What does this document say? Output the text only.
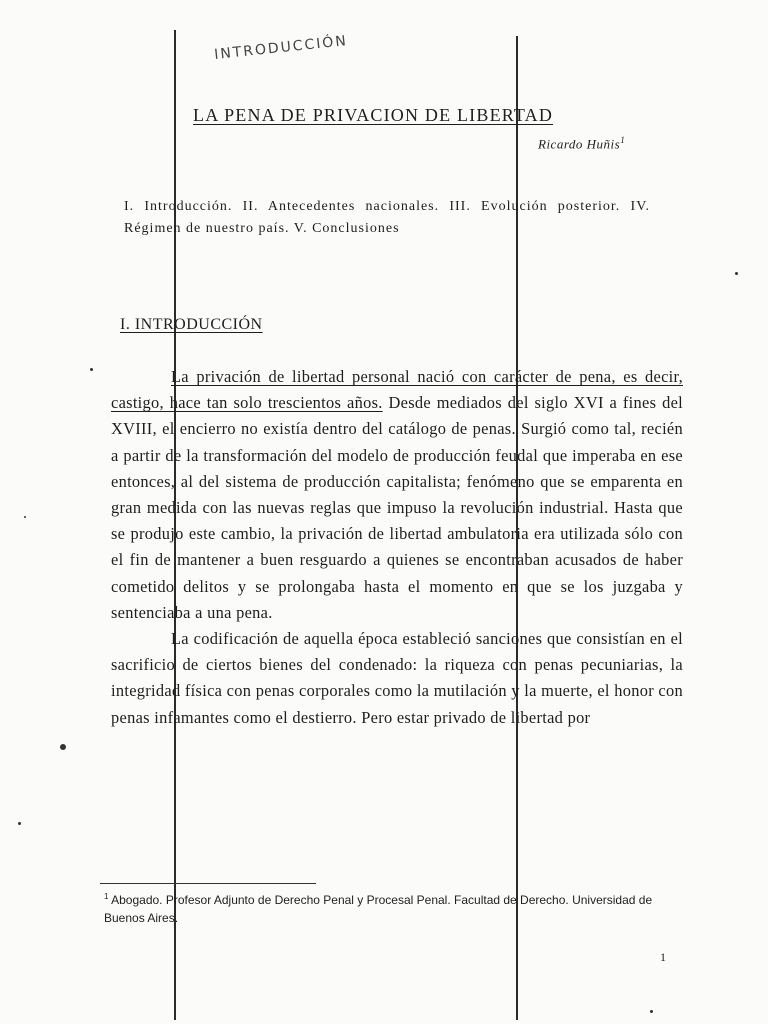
INTRODUCCIÓN
LA PENA DE PRIVACION DE LIBERTAD
Ricardo Huñis$^1$

I. Introducción. II. Antecedentes nacionales. III. Evolución posterior. IV. Régimen de nuestro país. V. Conclusiones

I. INTRODUCCIÓN

La privación de libertad personal nació con carácter de pena, es decir, castigo, hace tan solo trescientos años. Desde mediados del siglo XVI a fines del XVIII, el encierro no existía dentro del catálogo de penas. Surgió como tal, recién a partir de la transformación del modelo de producción feudal que imperaba en ese entonces, al del sistema de producción capitalista; fenómeno que se emparenta en gran medida con las nuevas reglas que impuso la revolución industrial. Hasta que se produjo este cambio, la privación de libertad ambulatoria era utilizada sólo con el fin de mantener a buen resguardo a quienes se encontraban acusados de haber cometido delitos y se prolongaba hasta el momento en que se los juzgaba y sentenciaba a una pena.

La codificación de aquella época estableció sanciones que consistían en el sacrificio de ciertos bienes del condenado: la riqueza con penas pecuniarias, la integridad física con penas corporales como la mutilación y la muerte, el honor con penas infamantes como el destierro. Pero estar privado de libertad por

$^1$ Abogado. Profesor Adjunto de Derecho Penal y Procesal Penal. Facultad de Derecho. Universidad de Buenos Aires.

1
